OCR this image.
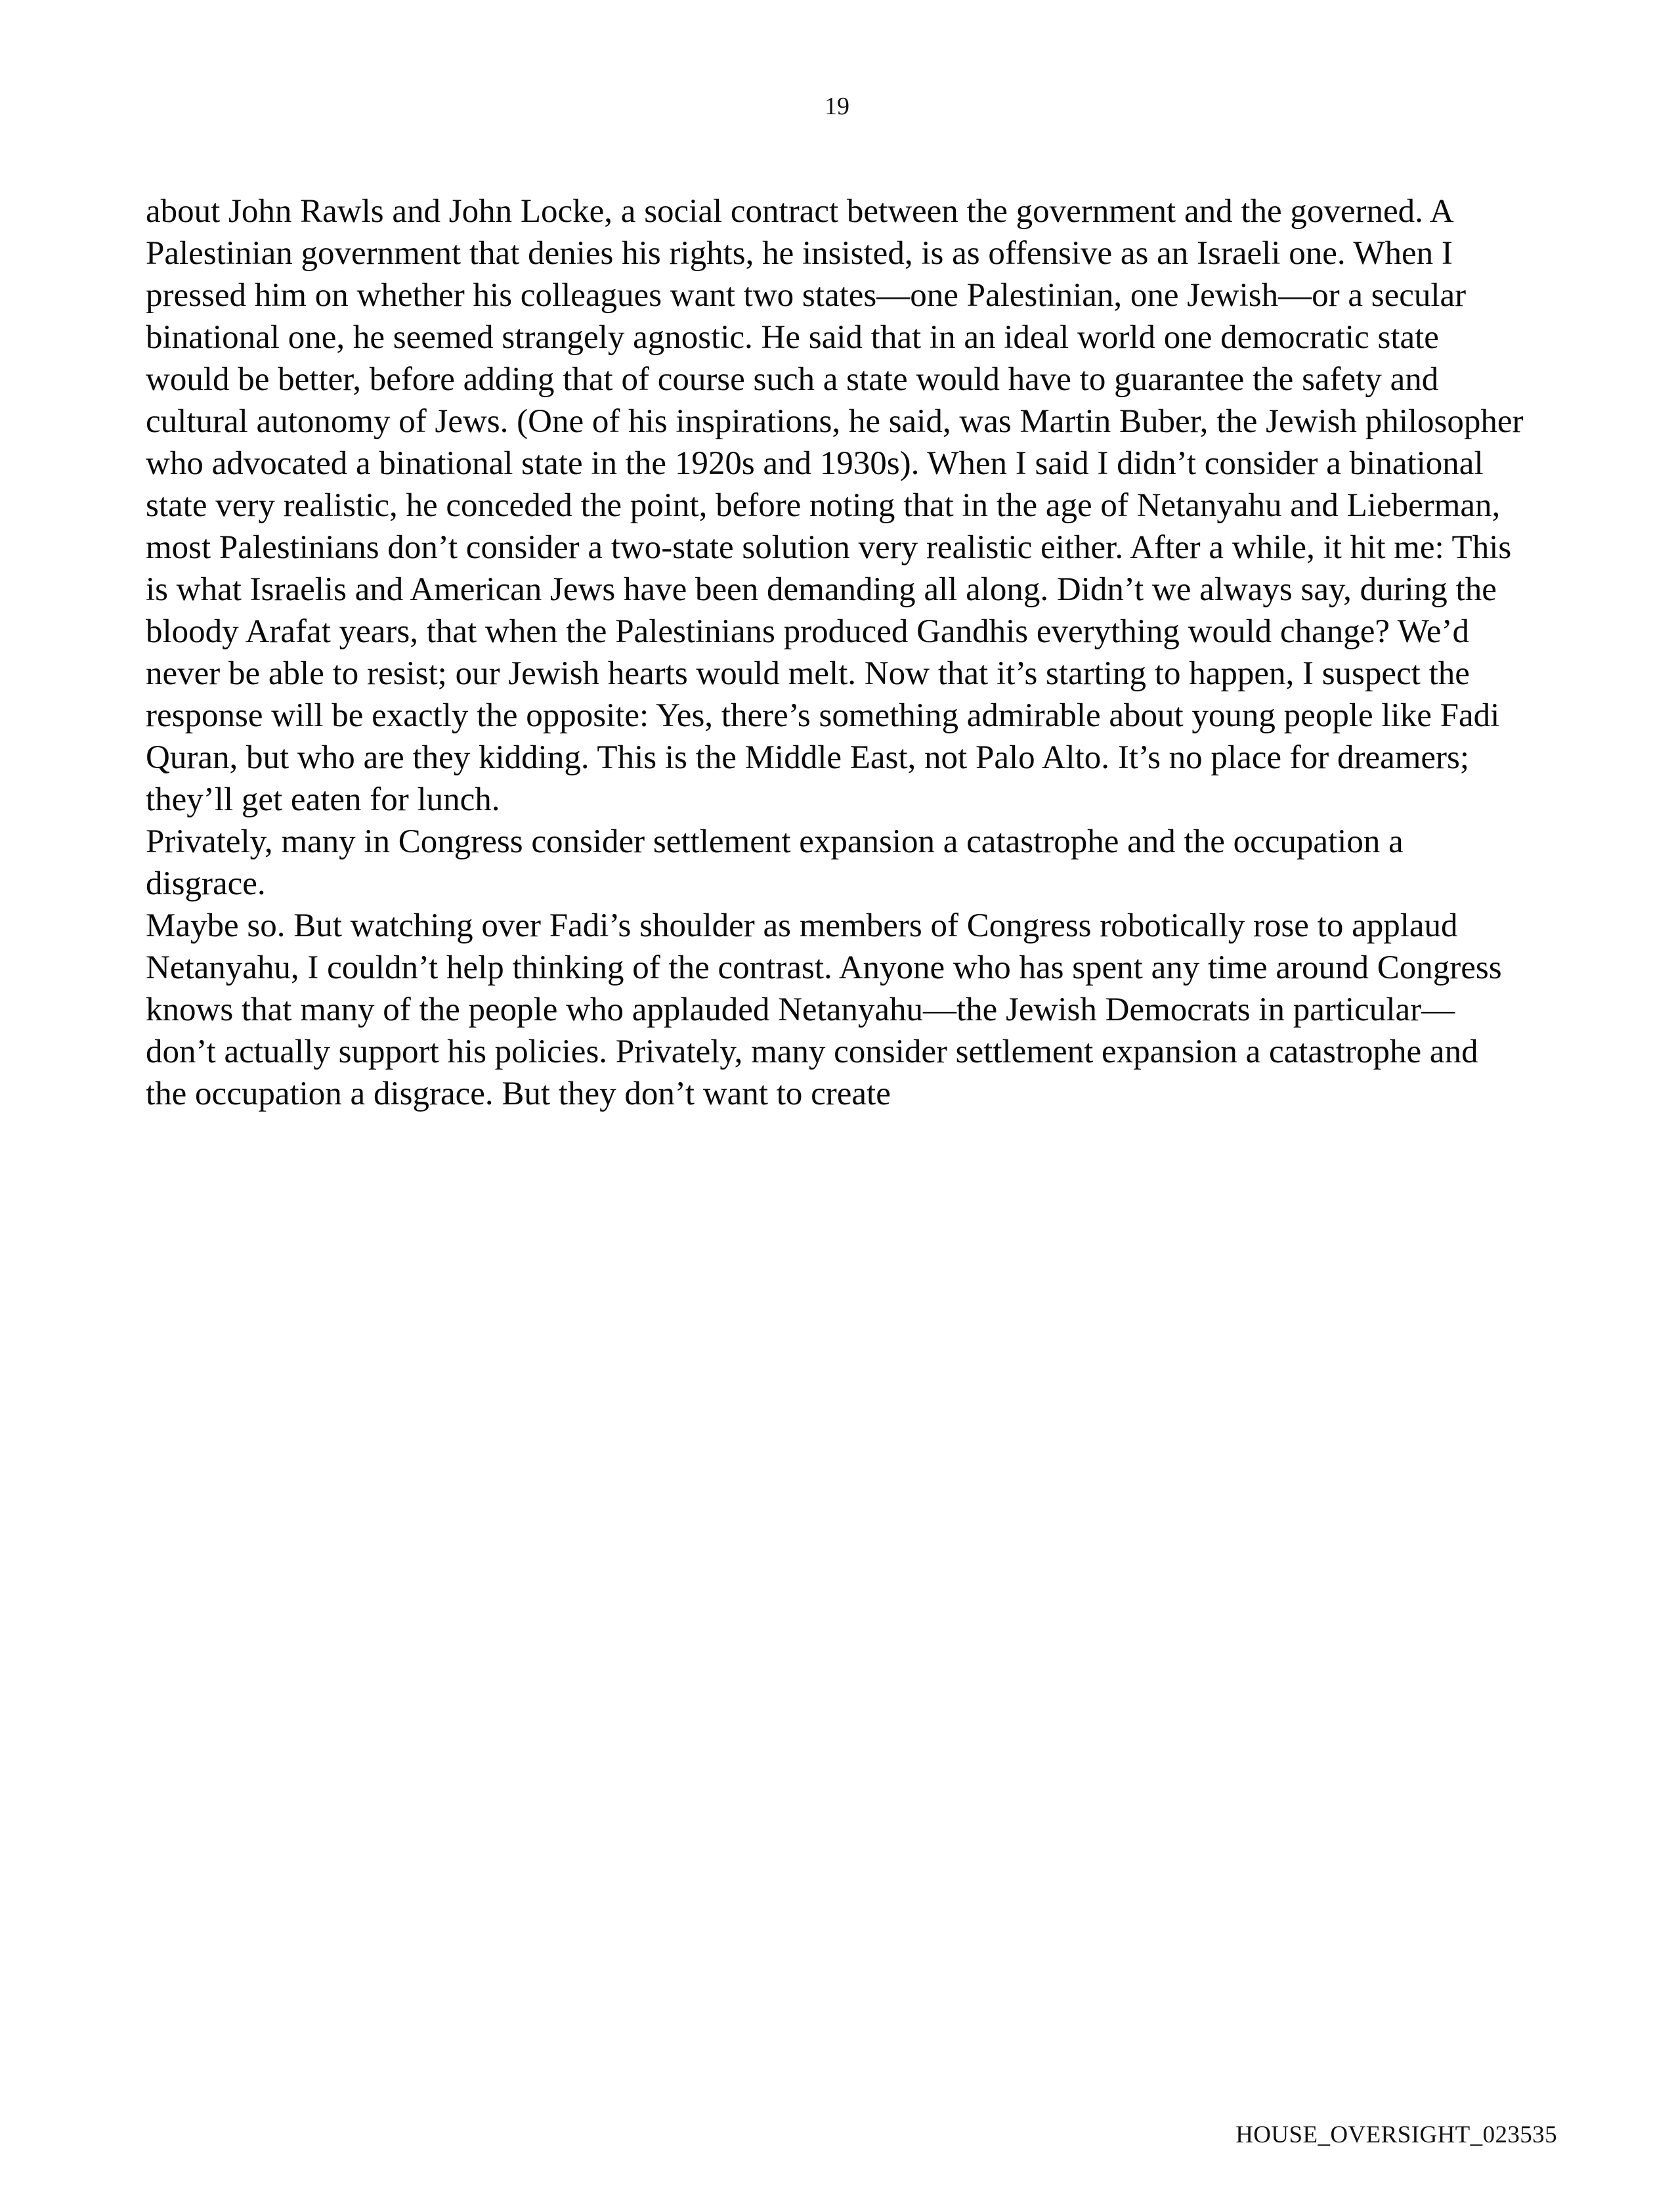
19

about John Rawls and John Locke, a social contract between the government and the governed. A Palestinian government that denies his rights, he insisted, is as offensive as an Israeli one. When I pressed him on whether his colleagues want two states—one Palestinian, one Jewish—or a secular binational one, he seemed strangely agnostic. He said that in an ideal world one democratic state would be better, before adding that of course such a state would have to guarantee the safety and cultural autonomy of Jews. (One of his inspirations, he said, was Martin Buber, the Jewish philosopher who advocated a binational state in the 1920s and 1930s). When I said I didn’t consider a binational state very realistic, he conceded the point, before noting that in the age of Netanyahu and Lieberman, most Palestinians don’t consider a two-state solution very realistic either. After a while, it hit me: This is what Israelis and American Jews have been demanding all along. Didn’t we always say, during the bloody Arafat years, that when the Palestinians produced Gandhis everything would change? We’d never be able to resist; our Jewish hearts would melt. Now that it’s starting to happen, I suspect the response will be exactly the opposite: Yes, there’s something admirable about young people like Fadi Quran, but who are they kidding. This is the Middle East, not Palo Alto. It’s no place for dreamers; they’ll get eaten for lunch.

Privately, many in Congress consider settlement expansion a catastrophe and the occupation a disgrace.

Maybe so. But watching over Fadi’s shoulder as members of Congress robotically rose to applaud Netanyahu, I couldn’t help thinking of the contrast. Anyone who has spent any time around Congress knows that many of the people who applauded Netanyahu—the Jewish Democrats in particular—don’t actually support his policies. Privately, many consider settlement expansion a catastrophe and the occupation a disgrace. But they don’t want to create

HOUSE_OVERSIGHT_023535
